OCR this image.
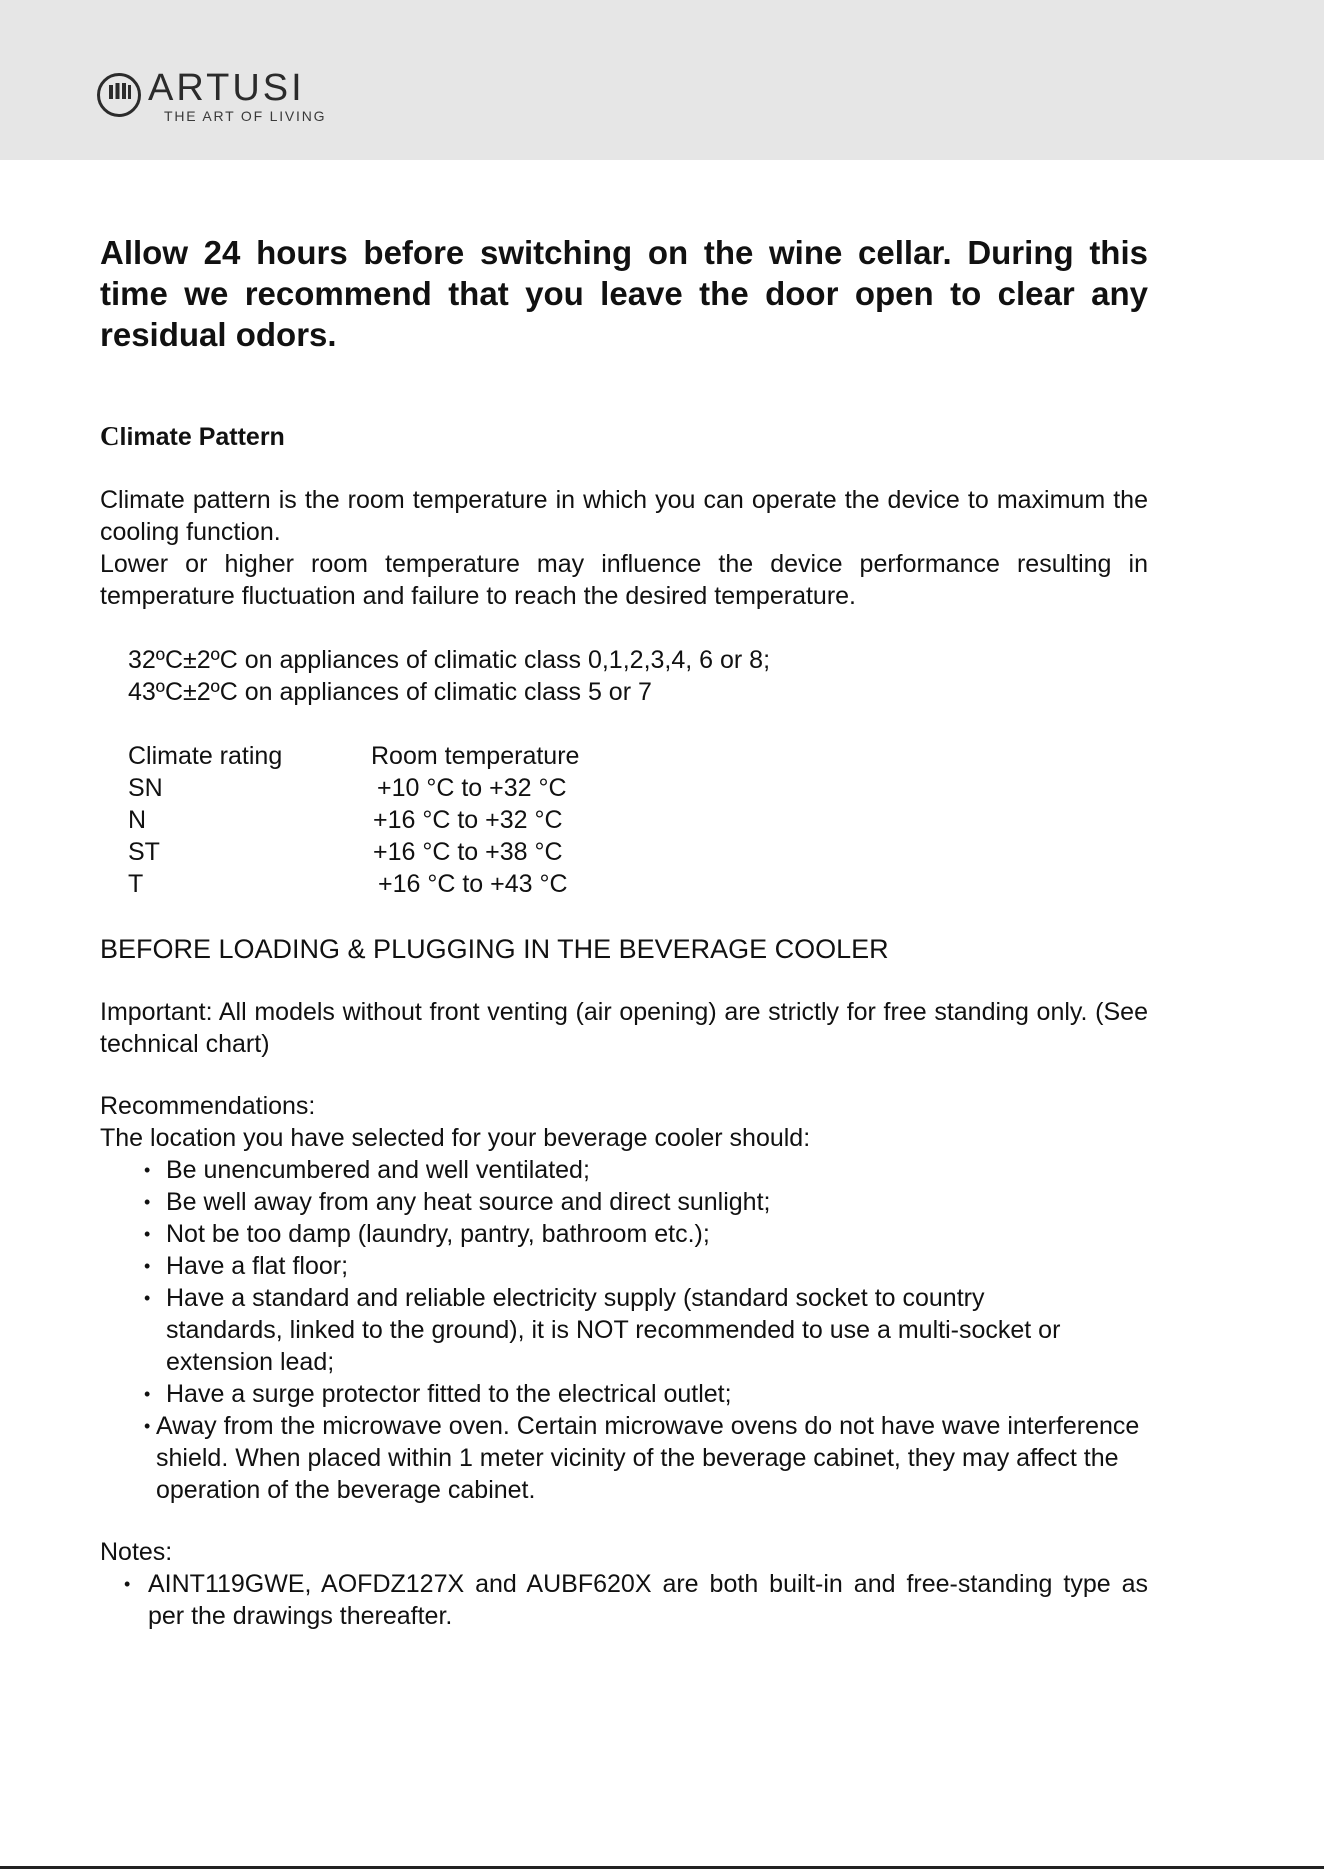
ARTUSI
THE ART OF LIVING

Allow 24 hours before switching on the wine cellar. During this time we recommend that you leave the door open to clear any residual odors.

Climate Pattern

Climate pattern is the room temperature in which you can operate the device to maximum the cooling function.

Lower or higher room temperature may influence the device performance resulting in temperature fluctuation and failure to reach the desired temperature.

32ºC±2ºC on appliances of climatic class 0,1,2,3,4, 6 or 8;
43ºC±2ºC on appliances of climatic class 5 or 7
Climate rating	Room temperature
SN	+10 °C to +32 °C
N	+16 °C to +32 °C
ST	+16 °C to +38 °C
T	+16 °C to +43 °C
BEFORE LOADING & PLUGGING IN THE BEVERAGE COOLER

Important: All models without front venting (air opening) are strictly for free standing only. (See technical chart)

Recommendations:

The location you have selected for your beverage cooler should:

• Be unencumbered and well ventilated;
• Be well away from any heat source and direct sunlight;
• Not be too damp (laundry, pantry, bathroom etc.);
• Have a flat floor;
• Have a standard and reliable electricity supply (standard socket to country standards, linked to the ground), it is NOT recommended to use a multi-socket or extension lead;
• Have a surge protector fitted to the electrical outlet;
• Away from the microwave oven. Certain microwave ovens do not have wave interference shield. When placed within 1 meter vicinity of the beverage cabinet, they may affect the operation of the beverage cabinet.

Notes:

• AINT119GWE, AOFDZ127X and AUBF620X are both built-in and free-standing type as per the drawings thereafter.
